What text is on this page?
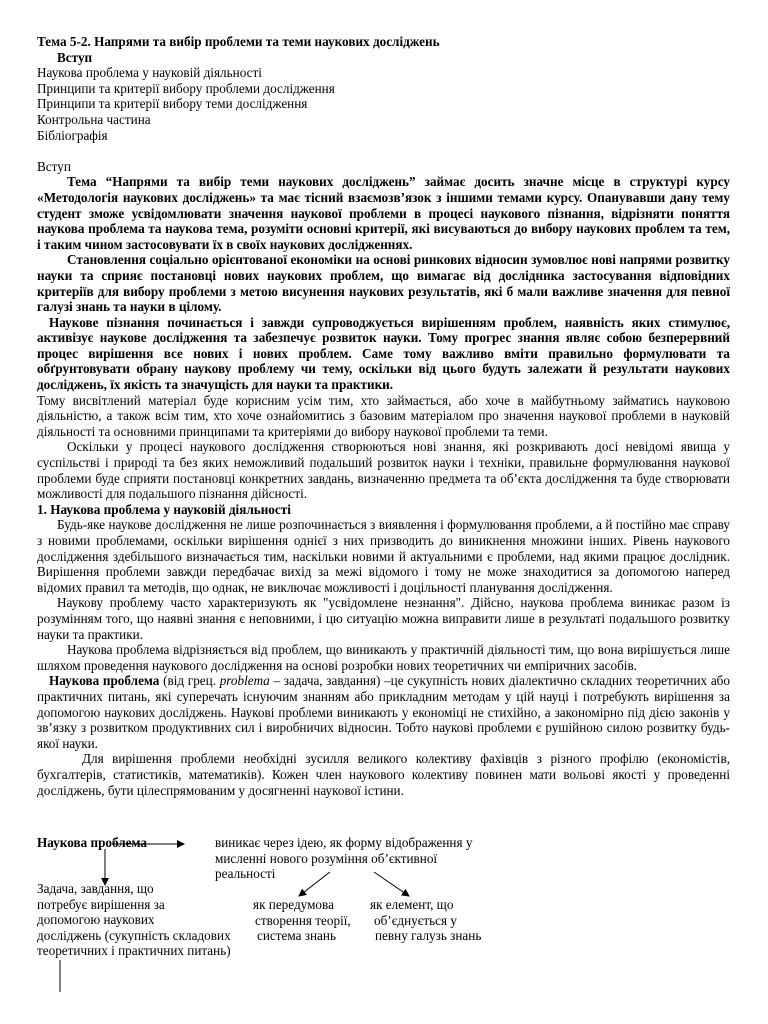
Тема 5-2. Напрями та вибір проблеми та теми наукових досліджень
Вступ
Наукова проблема у науковій діяльності
Принципи та критерії вибору проблеми дослідження
Принципи та критерії вибору теми дослідження
Контрольна частина
Бібліографія
Вступ

Тема “Напрями та вибір теми наукових досліджень” займає досить значне місце в структурі курсу «Методологія наукових досліджень» та має тісний взаємозв’язок з іншими темами курсу. Опанувавши дану тему студент зможе усвідомлювати значення наукової проблеми в процесі наукового пізнання, відрізняти поняття наукова проблема та наукова тема, розуміти основні критерії, які висуваються до вибору наукових проблем та тем, і таким чином застосовувати їх в своїх наукових дослідженнях.

Становлення соціально орієнтованої економіки на основі ринкових відносин зумовлює нові напрями розвитку науки та сприяє постановці нових наукових проблем, що вимагає від дослідника застосування відповідних критеріїв для вибору проблеми з метою висунення наукових результатів, які б мали важливе значення для певної галузі знань та науки в цілому.

Наукове пізнання починається і завжди супроводжується вирішенням проблем, наявність яких стимулює, активізує наукове дослідження та забезпечує розвиток науки. Тому прогрес знання являє собою безперервний процес вирішення все нових і нових проблем. Саме тому важливо вміти правильно формулювати та обґрунтовувати обрану наукову проблему чи тему, оскільки від цього будуть залежати й результати наукових досліджень, їх якість та значущість для науки та практики.

Тому висвітлений матеріал буде корисним усім тим, хто займається, або хоче в майбутньому займатись науковою діяльністю, а також всім тим, хто хоче ознайомитись з базовим матеріалом про значення наукової проблеми в науковій діяльності та основними принципами та критеріями до вибору наукової проблеми та теми.

Оскільки у процесі наукового дослідження створюються нові знання, які розкривають досі невідомі явища у суспільстві і природі та без яких неможливий подальший розвиток науки і техніки, правильне формулювання наукової проблеми буде сприяти постановці конкретних завдань, визначенню предмета та об’єкта дослідження та буде створювати можливості для подальшого пізнання дійсності.

1. Наукова проблема у науковій діяльності

Будь-яке наукове дослідження не лише розпочинається з виявлення і формулювання проблеми, а й постійно має справу з новими проблемами, оскільки вирішення однієї з них призводить до виникнення множини інших. Рівень наукового дослідження здебільшого визначається тим, наскільки новими й актуальними є проблеми, над якими працює дослідник. Вирішення проблеми завжди передбачає вихід за межі відомого і тому не може знаходитися за допомогою наперед відомих правил та методів, що однак, не виключає можливості і доцільності планування дослідження.

Наукову проблему часто характеризують як "усвідомлене незнання". Дійсно, наукова проблема виникає разом із розумінням того, що наявні знання є неповними, і цю ситуацію можна виправити лише в результаті подальшого розвитку науки та практики.

Наукова проблема відрізняється від проблем, що виникають у практичній діяльності тим, що вона вирішується лише шляхом проведення наукового дослідження на основі розробки нових теоретичних чи емпіричних засобів.

Наукова проблема (від грец. problema – задача, завдання) –це сукупність нових діалектично складних теоретичних або практичних питань, які суперечать існуючим знанням або прикладним методам у цій науці і потребують вирішення за допомогою наукових досліджень. Наукові проблеми виникають у економіці не стихійно, а закономірно під дією законів у зв’язку з розвитком продуктивних сил і виробничих відносин. Тобто наукові проблеми є рушійною силою розвитку будь-якої науки.

Для вирішення проблеми необхідні зусилля великого колективу фахівців з різного профілю (економістів, бухгалтерів, статистиків, математиків). Кожен член наукового колективу повинен мати вольові якості у проведенні досліджень, бути цілеспрямованим у досягненні наукової істини.

Наукова проблема	виникає через ідею, як форму відображення у
мисленні нового розуміння об’єктивної
реальності
Задача, завдання, що
потребує вирішення за
допомогою наукових
досліджень (сукупність складових
теоретичних і практичних питань)
як передумова
створення теорії,
система знань
як елемент, що
об’єднується у
певну галузь знань
